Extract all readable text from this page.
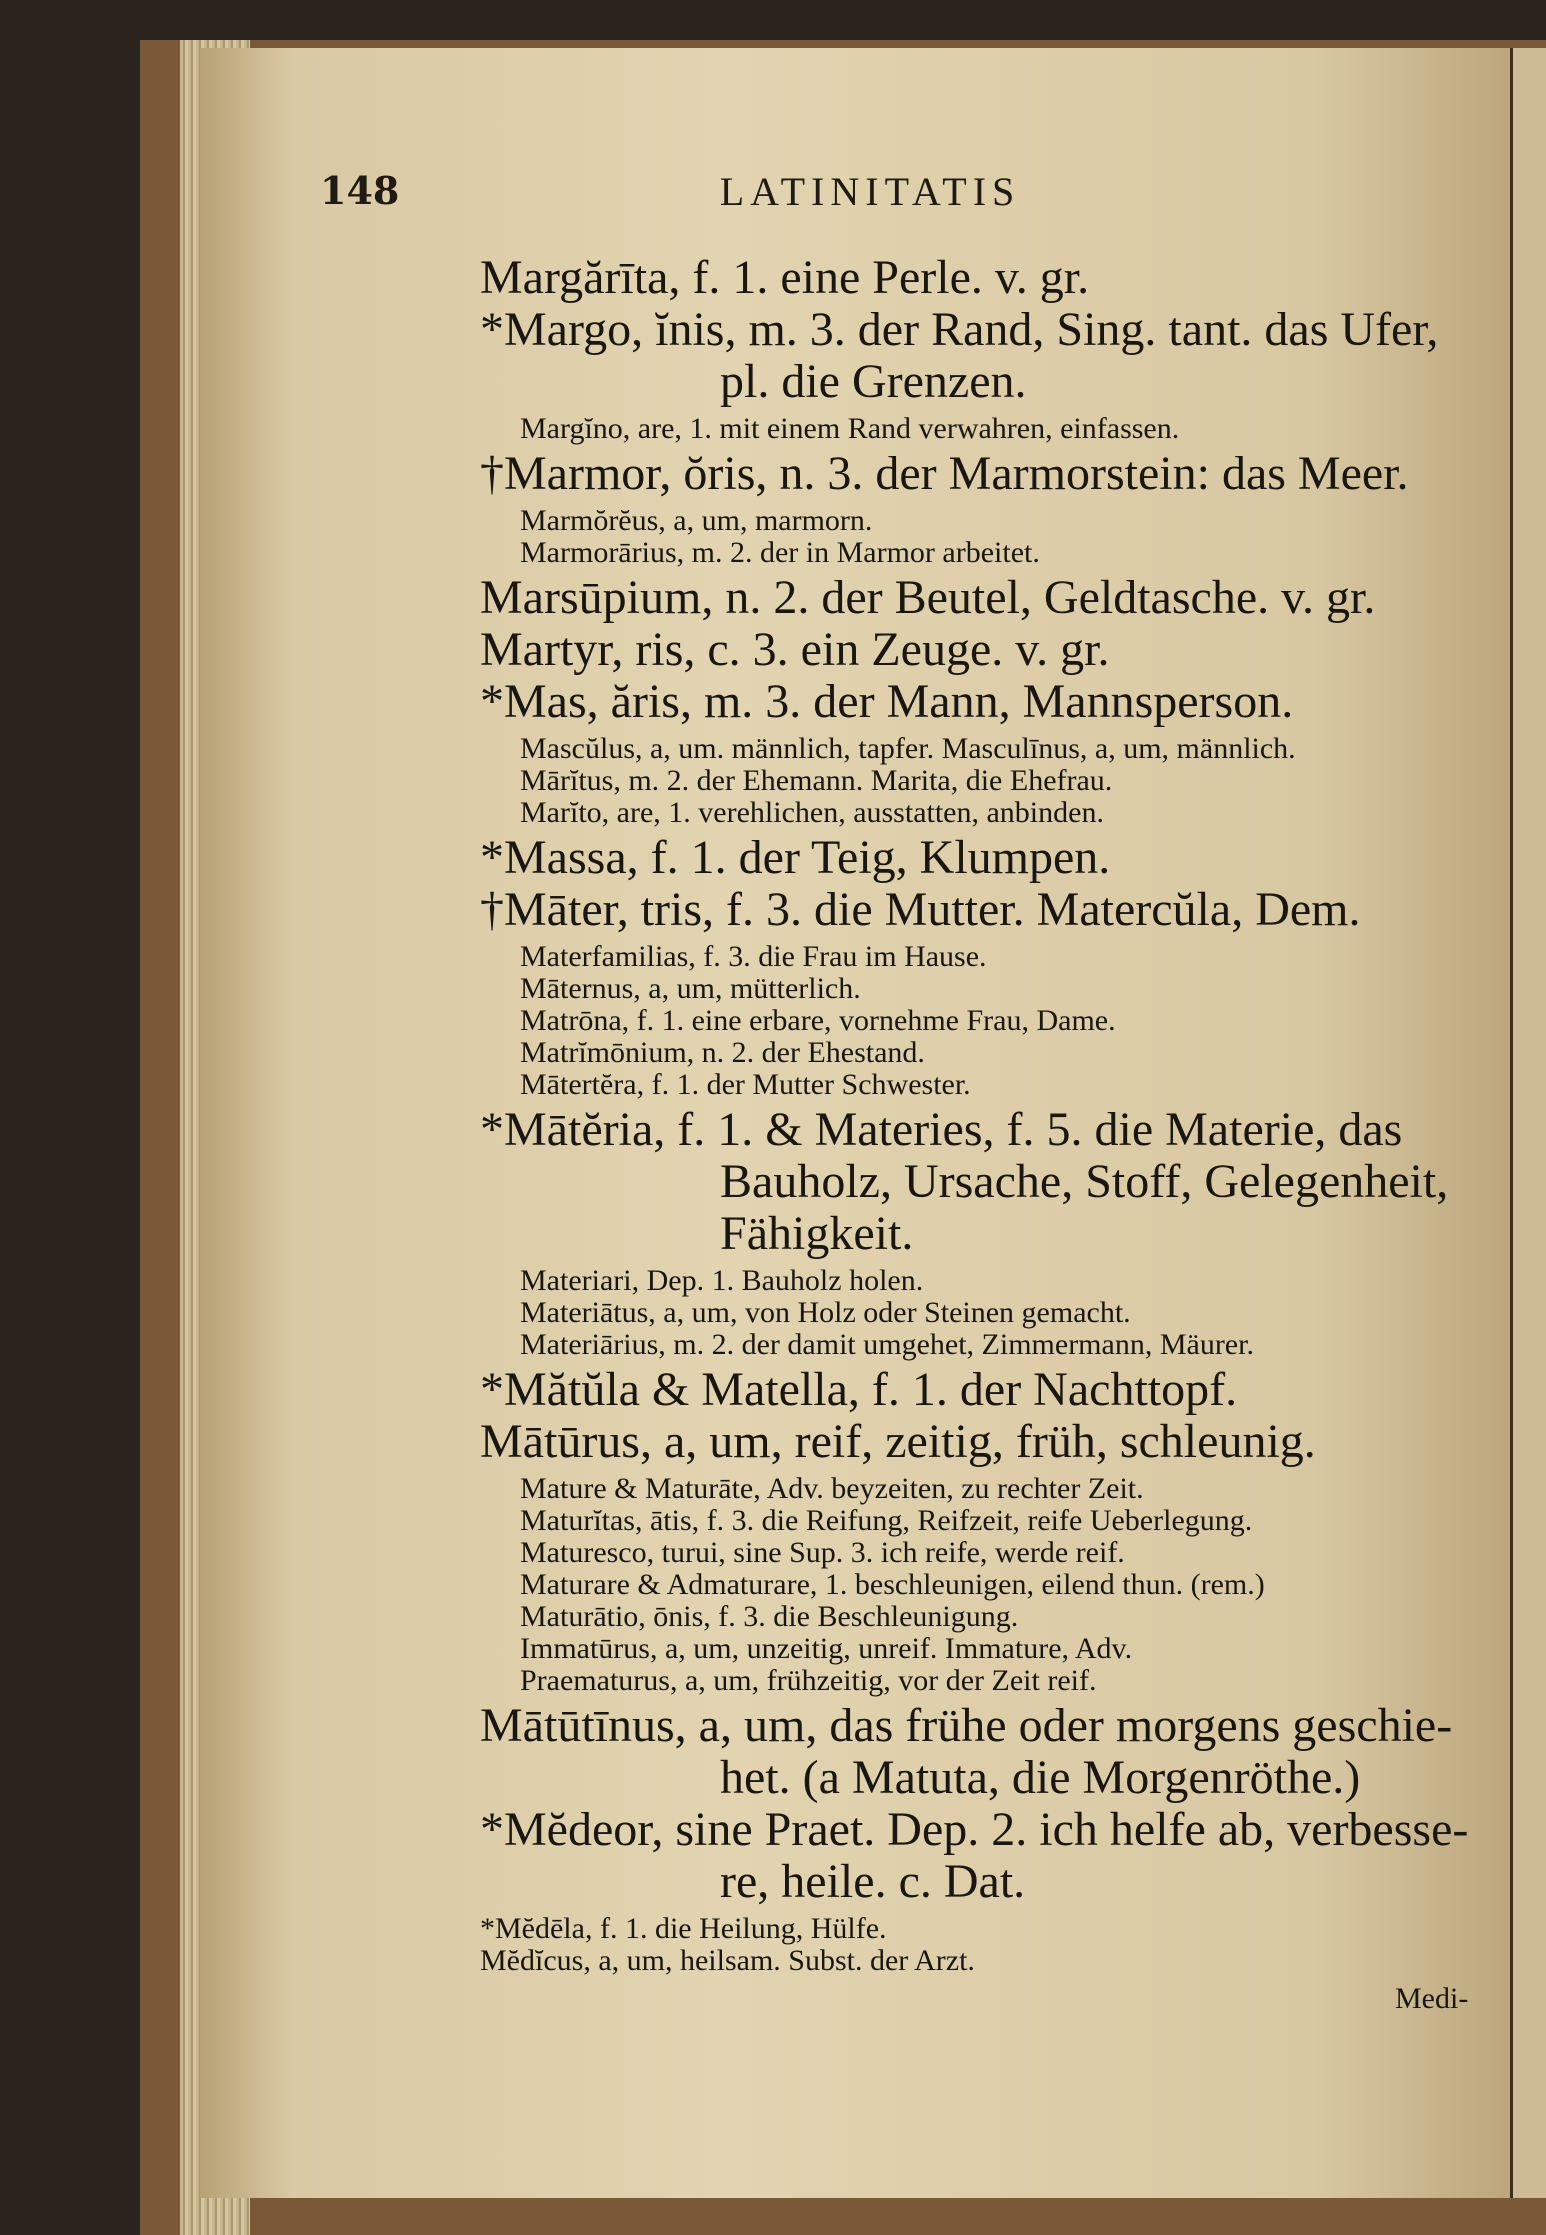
LATINITATIS
148
Margărīta, f. 1. eine Perle. v. gr.
*Margo, ĭnis, m. 3. der Rand, Sing. tant. das Ufer,
pl. die Grenzen.
Margĭno, are, 1. mit einem Rand verwahren, einfassen.
†Marmor, ŏris, n. 3. der Marmorstein: das Meer.
Marmŏrĕus, a, um, marmorn.
Marmorārius, m. 2. der in Marmor arbeitet.
Marsūpium, n. 2. der Beutel, Geldtasche. v. gr.
Martyr, ris, c. 3. ein Zeuge. v. gr.
*Mas, ăris, m. 3. der Mann, Mannsperson.
Mascŭlus, a, um. männlich, tapfer. Masculīnus, a, um, männlich.
Mārĭtus, m. 2. der Ehemann. Marita, die Ehefrau.
Marĭto, are, 1. verehlichen, ausstatten, anbinden.
*Massa, f. 1. der Teig, Klumpen.
†Māter, tris, f. 3. die Mutter. Matercŭla, Dem.
Materfamilias, f. 3. die Frau im Hause.
Māternus, a, um, mütterlich.
Matrōna, f. 1. eine erbare, vornehme Frau, Dame.
Matrĭmōnium, n. 2. der Ehestand.
Mātertĕra, f. 1. der Mutter Schwester.
*Mātĕria, f. 1. & Materies, f. 5. die Materie, das
Bauholz, Ursache, Stoff, Gelegenheit,
Fähigkeit.
Materiari, Dep. 1. Bauholz holen.
Materiātus, a, um, von Holz oder Steinen gemacht.
Materiārius, m. 2. der damit umgehet, Zimmermann, Mäurer.
*Mătŭla & Matella, f. 1. der Nachttopf.
Mātūrus, a, um, reif, zeitig, früh, schleunig.
Mature & Maturāte, Adv. beyzeiten, zu rechter Zeit.
Maturĭtas, ātis, f. 3. die Reifung, Reifzeit, reife Ueberlegung.
Maturesco, turui, sine Sup. 3. ich reife, werde reif.
Maturare & Admaturare, 1. beschleunigen, eilend thun. (rem.)
Maturātio, ōnis, f. 3. die Beschleunigung.
Immatūrus, a, um, unzeitig, unreif. Immature, Adv.
Praematurus, a, um, frühzeitig, vor der Zeit reif.
Mātūtīnus, a, um, das frühe oder morgens geschie-
het. (a Matuta, die Morgenröthe.)
*Mĕdeor, sine Praet. Dep. 2. ich helfe ab, verbesse-
re, heile. c. Dat.
*Mĕdēla, f. 1. die Heilung, Hülfe.
Mĕdĭcus, a, um, heilsam. Subst. der Arzt.
Medi-
